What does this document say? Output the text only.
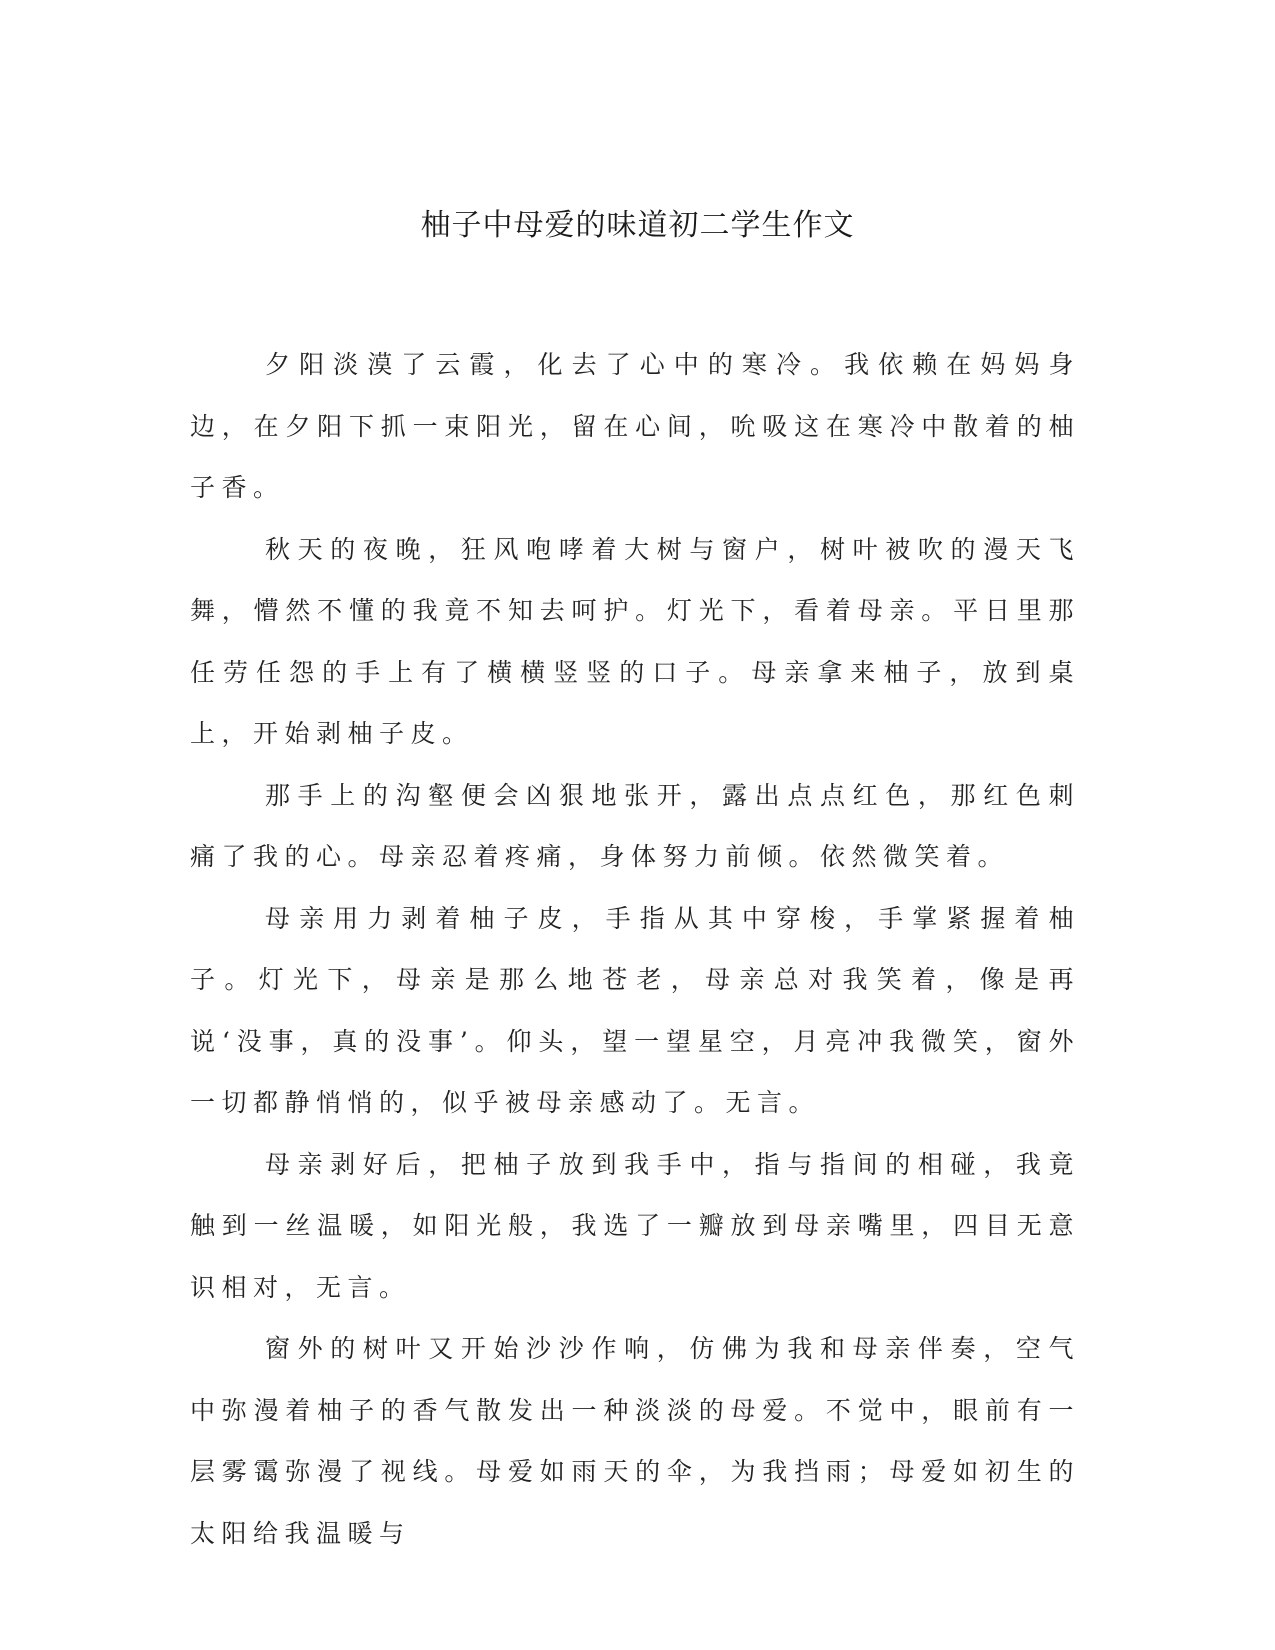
柚子中母爱的味道初二学生作文

夕阳淡漠了云霞，化去了心中的寒冷。我依赖在妈妈身边，在夕阳下抓一束阳光，留在心间，吮吸这在寒冷中散着的柚子香。

秋天的夜晚，狂风咆哮着大树与窗户，树叶被吹的漫天飞舞，懵然不懂的我竟不知去呵护。灯光下，看着母亲。平日里那任劳任怨的手上有了横横竖竖的口子。母亲拿来柚子，放到桌上，开始剥柚子皮。

那手上的沟壑便会凶狠地张开，露出点点红色，那红色刺痛了我的心。母亲忍着疼痛，身体努力前倾。依然微笑着。

母亲用力剥着柚子皮，手指从其中穿梭，手掌紧握着柚子。灯光下，母亲是那么地苍老，母亲总对我笑着，像是再说‘没事，真的没事’。仰头，望一望星空，月亮冲我微笑，窗外一切都静悄悄的，似乎被母亲感动了。无言。

母亲剥好后，把柚子放到我手中，指与指间的相碰，我竟触到一丝温暖，如阳光般，我选了一瓣放到母亲嘴里，四目无意识相对，无言。

窗外的树叶又开始沙沙作响，仿佛为我和母亲伴奏，空气中弥漫着柚子的香气散发出一种淡淡的母爱。不觉中，眼前有一层雾霭弥漫了视线。母爱如雨天的伞，为我挡雨；母爱如初生的太阳给我温暖与
